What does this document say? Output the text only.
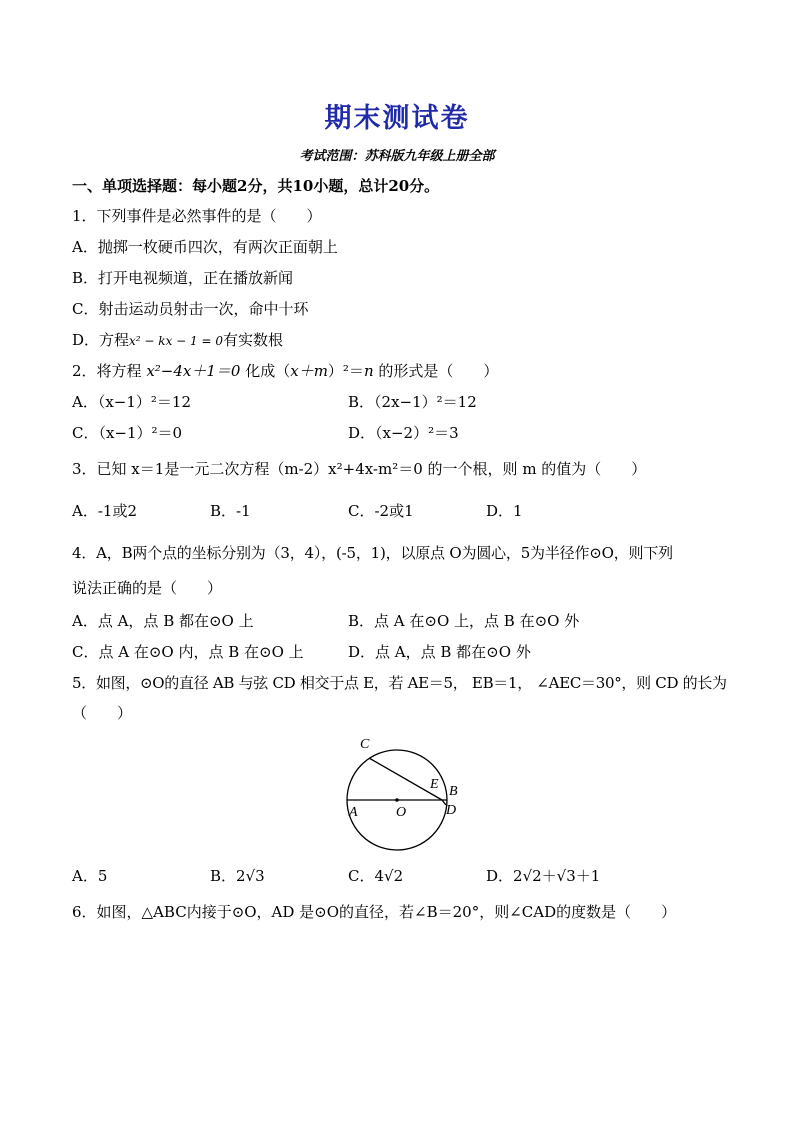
期末测试卷
考试范围：苏科版九年级上册全部
一、单项选择题：每小题2分，共10小题，总计20分。
1．下列事件是必然事件的是（　　）
A．抛掷一枚硬币四次，有两次正面朝上
B．打开电视频道，正在播放新闻
C．射击运动员射击一次，命中十环
D．方程x² − kx − 1 = 0有实数根
2．将方程 x²−4x＋1＝0 化成（x＋m）²＝n 的形式是（　　）
A．（x−1）²＝12	B．（2x−1）²＝12
C．（x−1）²＝0	D．（x−2）²＝3
3．已知 x＝1是一元二次方程（m-2）x²+4x-m²＝0 的一个根，则 m 的值为（　　）
A．-1或2	B．-1	C．-2或1	D．1
4．A，B两个点的坐标分别为（3，4），(-5，1)，以原点 O为圆心，5为半径作⊙O，则下列
说法正确的是（　　）
A．点 A，点 B 都在⊙O 上	B．点 A 在⊙O 上，点 B 在⊙O 外
C．点 A 在⊙O 内，点 B 在⊙O 上	D．点 A，点 B 都在⊙O 外
5．如图，⊙O的直径 AB 与弦 CD 相交于点 E，若 AE＝5， EB＝1， ∠AEC＝30°，则 CD 的长为
（　　）
C
E B
A	O	D
A．5	B．2√3	C．4√2	D．2√2＋√3＋1
6．如图，△ABC内接于⊙O，AD 是⊙O的直径，若∠B＝20°，则∠CAD的度数是（　　）
